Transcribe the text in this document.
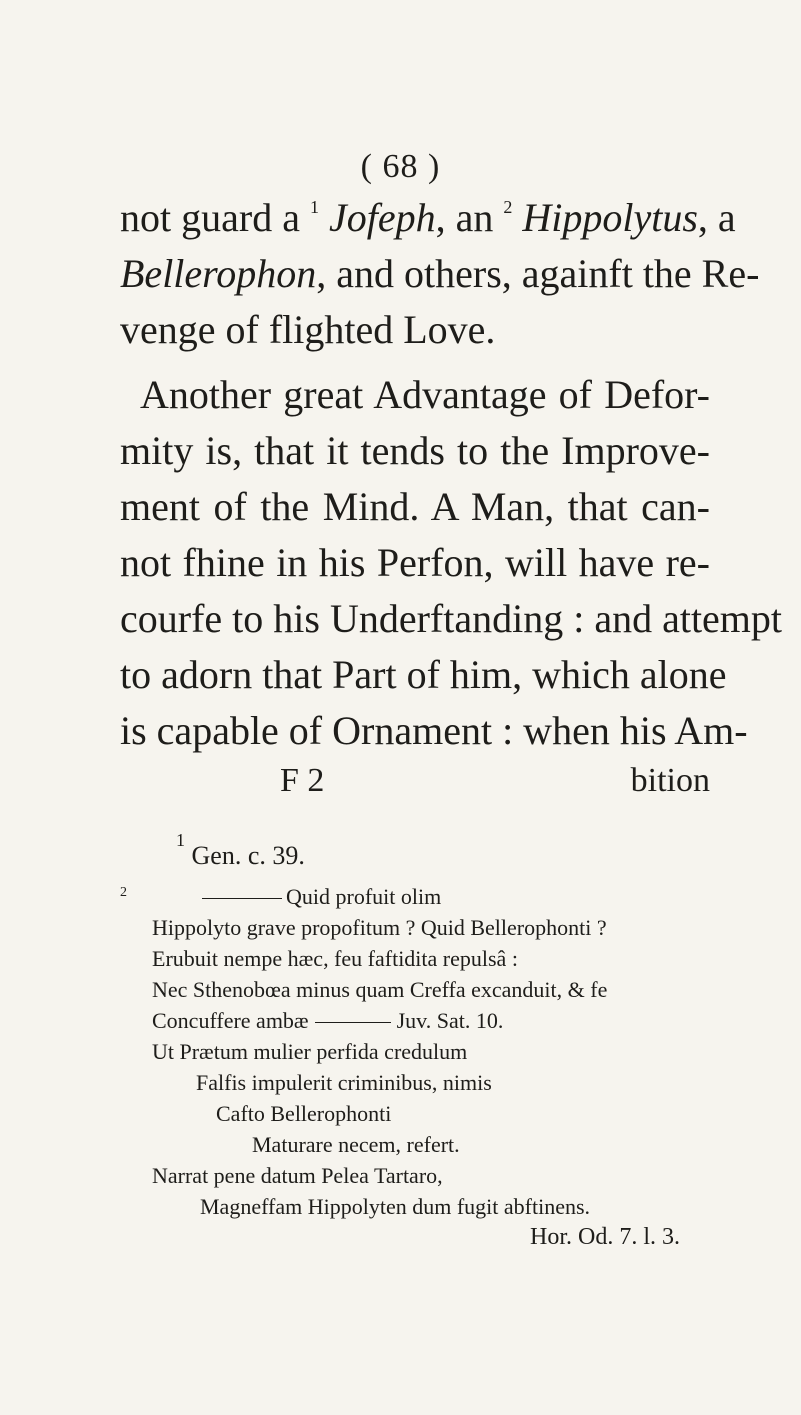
( 68 )
not guard a $^1$ Jofeph, an $^2$ Hippolytus, a
Bellerophon, and others, againft the Re-
venge of flighted Love.
Another great Advantage of Defor-
mity is, that it tends to the Improve-
ment of the Mind. A Man, that can-
not fhine in his Perfon, will have re-
courfe to his Underftanding : and attempt
to adorn that Part of him, which alone
is capable of Ornament : when his Am-
F 2	bition
$^1$ Gen. c. 39.
2	Quid profuit olim
Hippolyto grave propofitum ? Quid Bellerophonti ?
Erubuit nempe hæc, feu faftidita repulsâ :
Nec Sthenobœa minus quam Creffa excanduit, & fe
Concuffere ambæ	Juv. Sat. 10.
Ut Prætum mulier perfida credulum
Falfis impulerit criminibus, nimis
Cafto Bellerophonti
Maturare necem, refert.
Narrat pene datum Pelea Tartaro,
Magneffam Hippolyten dum fugit abftinens.
Hor. Od. 7. l. 3.
